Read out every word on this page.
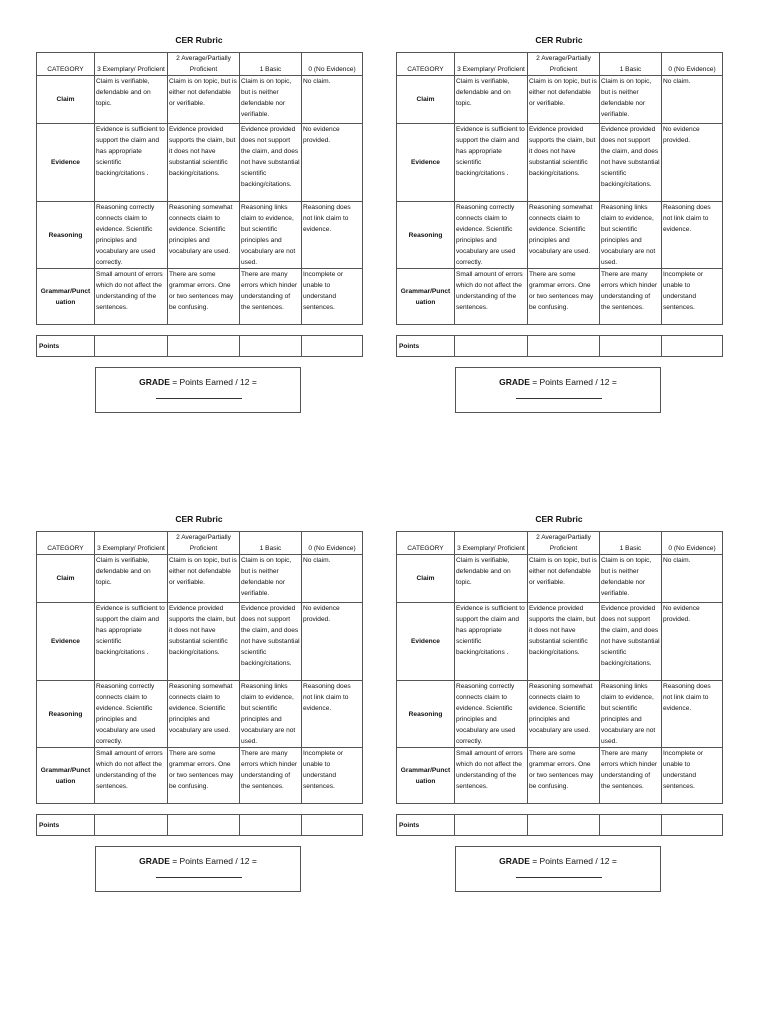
CER Rubric
CATEGORY	3 Exemplary/ Proficient	2 Average/Partially Proficient	1 Basic	0 (No Evidence)
Claim	Claim is verifiable, defendable and on topic.	Claim is on topic, but is either not defendable or verifiable.	Claim is on topic, but is neither defendable nor verifiable.	No claim.
Evidence	Evidence is sufficient to support the claim and has appropriate scientific backing/citations .	Evidence provided supports the claim, but it does not have substantial scientific backing/citations.	Evidence provided does not support the claim, and does not have substantial scientific backing/citations.	No evidence provided.
Reasoning	Reasoning correctly connects claim to evidence. Scientific principles and vocabulary are used correctly.	Reasoning somewhat connects claim to evidence. Scientific principles and vocabulary are used.	Reasoning links claim to evidence, but scientific principles and vocabulary are not used.	Reasoning does not link claim to evidence.
Grammar/Punct uation	Small amount of errors which do not affect the understanding of the sentences.	There are some grammar errors. One or two sentences may be confusing.	There are many errors which hinder understanding of the sentences.	Incomplete or unable to understand sentences.
Points				
GRADE = Points Earned / 12 =
CER Rubric
CATEGORY	3 Exemplary/ Proficient	2 Average/Partially Proficient	1 Basic	0 (No Evidence)
Claim	Claim is verifiable, defendable and on topic.	Claim is on topic, but is either not defendable or verifiable.	Claim is on topic, but is neither defendable nor verifiable.	No claim.
Evidence	Evidence is sufficient to support the claim and has appropriate scientific backing/citations .	Evidence provided supports the claim, but it does not have substantial scientific backing/citations.	Evidence provided does not support the claim, and does not have substantial scientific backing/citations.	No evidence provided.
Reasoning	Reasoning correctly connects claim to evidence. Scientific principles and vocabulary are used correctly.	Reasoning somewhat connects claim to evidence. Scientific principles and vocabulary are used.	Reasoning links claim to evidence, but scientific principles and vocabulary are not used.	Reasoning does not link claim to evidence.
Grammar/Punct uation	Small amount of errors which do not affect the understanding of the sentences.	There are some grammar errors. One or two sentences may be confusing.	There are many errors which hinder understanding of the sentences.	Incomplete or unable to understand sentences.
Points				
GRADE = Points Earned / 12 =
CER Rubric
CATEGORY	3 Exemplary/ Proficient	2 Average/Partially Proficient	1 Basic	0 (No Evidence)
Claim	Claim is verifiable, defendable and on topic.	Claim is on topic, but is either not defendable or verifiable.	Claim is on topic, but is neither defendable nor verifiable.	No claim.
Evidence	Evidence is sufficient to support the claim and has appropriate scientific backing/citations .	Evidence provided supports the claim, but it does not have substantial scientific backing/citations.	Evidence provided does not support the claim, and does not have substantial scientific backing/citations.	No evidence provided.
Reasoning	Reasoning correctly connects claim to evidence. Scientific principles and vocabulary are used correctly.	Reasoning somewhat connects claim to evidence. Scientific principles and vocabulary are used.	Reasoning links claim to evidence, but scientific principles and vocabulary are not used.	Reasoning does not link claim to evidence.
Grammar/Punct uation	Small amount of errors which do not affect the understanding of the sentences.	There are some grammar errors. One or two sentences may be confusing.	There are many errors which hinder understanding of the sentences.	Incomplete or unable to understand sentences.
Points				
GRADE = Points Earned / 12 =
CER Rubric
CATEGORY	3 Exemplary/ Proficient	2 Average/Partially Proficient	1 Basic	0 (No Evidence)
Claim	Claim is verifiable, defendable and on topic.	Claim is on topic, but is either not defendable or verifiable.	Claim is on topic, but is neither defendable nor verifiable.	No claim.
Evidence	Evidence is sufficient to support the claim and has appropriate scientific backing/citations .	Evidence provided supports the claim, but it does not have substantial scientific backing/citations.	Evidence provided does not support the claim, and does not have substantial scientific backing/citations.	No evidence provided.
Reasoning	Reasoning correctly connects claim to evidence. Scientific principles and vocabulary are used correctly.	Reasoning somewhat connects claim to evidence. Scientific principles and vocabulary are used.	Reasoning links claim to evidence, but scientific principles and vocabulary are not used.	Reasoning does not link claim to evidence.
Grammar/Punct uation	Small amount of errors which do not affect the understanding of the sentences.	There are some grammar errors. One or two sentences may be confusing.	There are many errors which hinder understanding of the sentences.	Incomplete or unable to understand sentences.
Points				
GRADE = Points Earned / 12 =
